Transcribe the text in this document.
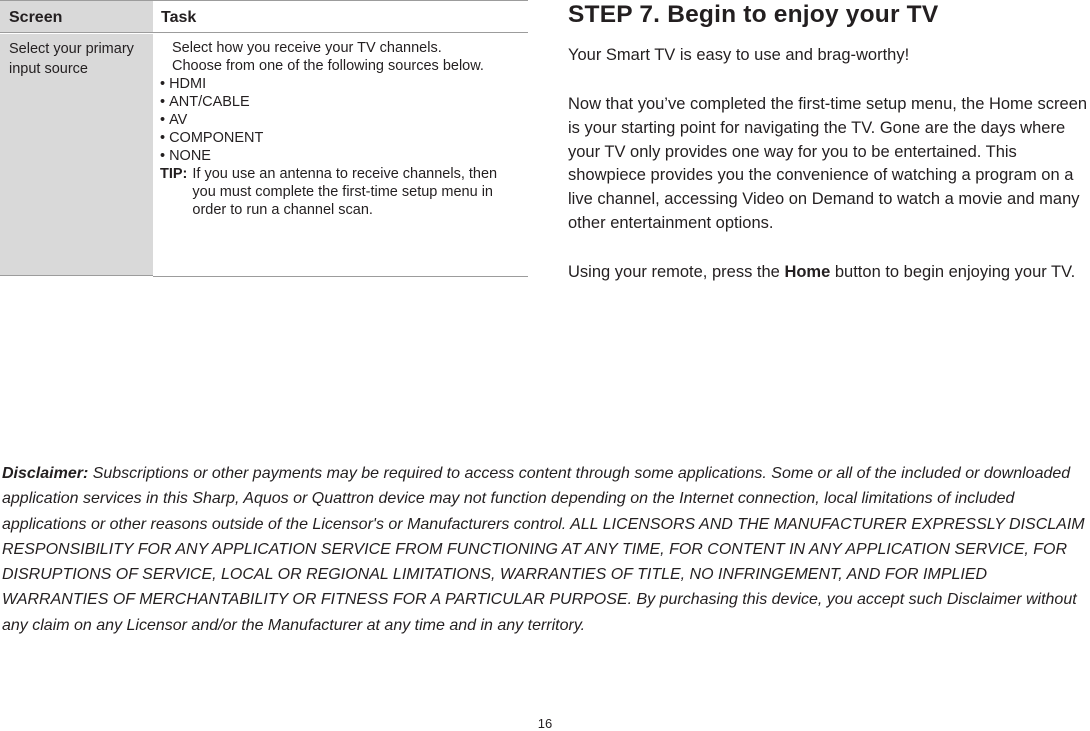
Screen	Task
Select your primary input source
Select how you receive your TV channels.
Choose from one of the following sources below.
• HDMI
• ANT/CABLE
• AV
• COMPONENT
• NONE
TIP: If you use an antenna to receive channels, then you must complete the first-time setup menu in order to run a channel scan.
STEP 7. Begin to enjoy your TV

Your Smart TV is easy to use and brag-worthy!

Now that you’ve completed the first-time setup menu, the Home screen is your starting point for navigating the TV. Gone are the days where your TV only provides one way for you to be entertained. This showpiece provides you the convenience of watching a program on a live channel, accessing Video on Demand to watch a movie and many other entertainment options.

Using your remote, press the Home button to begin enjoying your TV.

Disclaimer: Subscriptions or other payments may be required to access content through some applications. Some or all of the included or downloaded application services in this Sharp, Aquos or Quattron device may not function depending on the Internet connection, local limitations of included applications or other reasons outside of the Licensor's or Manufacturers control. ALL LICENSORS AND THE MANUFACTURER EXPRESSLY DISCLAIM RESPONSIBILITY FOR ANY APPLICATION SERVICE FROM FUNCTIONING AT ANY TIME, FOR CONTENT IN ANY APPLICATION SERVICE, FOR DISRUPTIONS OF SERVICE, LOCAL OR REGIONAL LIMITATIONS, WARRANTIES OF TITLE, NO INFRINGEMENT, AND FOR IMPLIED WARRANTIES OF MERCHANTABILITY OR FITNESS FOR A PARTICULAR PURPOSE. By purchasing this device, you accept such Disclaimer without any claim on any Licensor and/or the Manufacturer at any time and in any territory.
16
